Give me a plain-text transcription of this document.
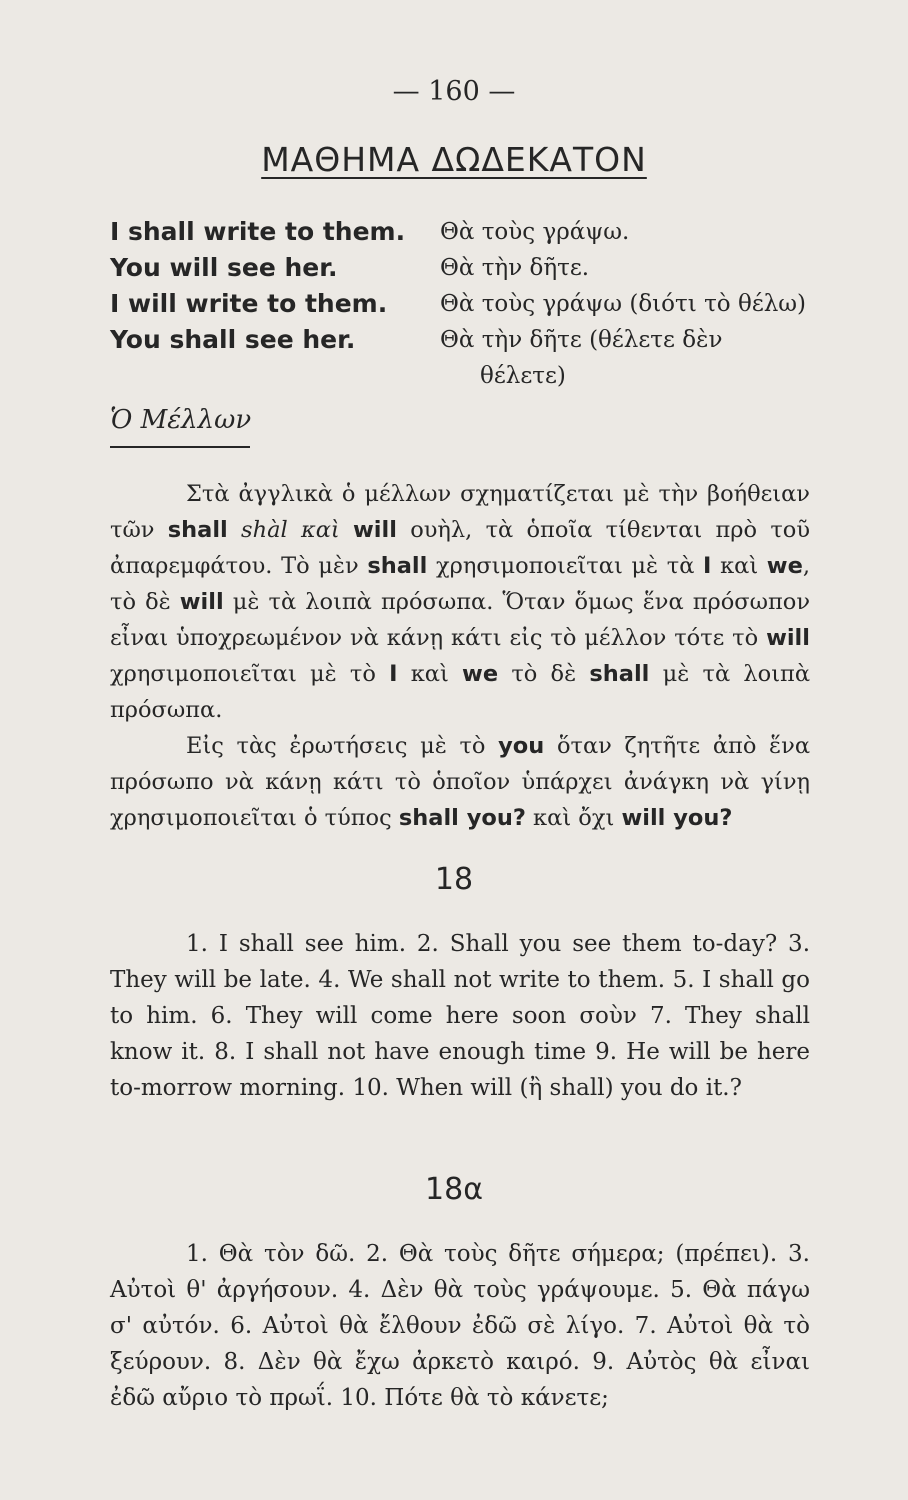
— 160 —
ΜΑΘΗΜΑ ΔΩΔΕΚΑΤΟΝ
I shall write to them.	Θὰ τοὺς γράψω.
You will see her.	Θὰ τὴν δῆτε.
I will write to them.	Θὰ τοὺς γράψω (διότι τὸ θέλω)
You shall see her.	Θὰ τὴν δῆτε (θέλετε δὲν
θέλετε)
Ὁ Μέλλων

Στὰ ἀγγλικὰ ὁ μέλλων σχηματίζεται μὲ τὴν βοήθειαν τῶν shall shàl καὶ will ουὴλ, τὰ ὁποῖα τίθενται πρὸ τοῦ ἀπαρεμφάτου. Τὸ μὲν shall χρησιμοποιεῖται μὲ τὰ I καὶ we, τὸ δὲ will μὲ τὰ λοιπὰ πρόσωπα. Ὅταν ὅμως ἕνα πρόσωπον εἶναι ὑποχρεωμένον νὰ κάνῃ κάτι εἰς τὸ μέλλον τότε τὸ will χρησιμοποιεῖται μὲ τὸ I καὶ we τὸ δὲ shall μὲ τὰ λοιπὰ πρόσωπα.

Εἰς τὰς ἐρωτήσεις μὲ τὸ you ὅταν ζητῆτε ἀπὸ ἕνα πρόσωπο νὰ κάνῃ κάτι τὸ ὁποῖον ὑπάρχει ἀνάγκη νὰ γίνῃ χρησιμοποιεῖται ὁ τύπος shall you? καὶ ὄχι will you?

18

1. I shall see him. 2. Shall you see them to-day? 3. They will be late. 4. We shall not write to them. 5. I shall go to him. 6. They will come here soon σοὺν 7. They shall know it. 8. I shall not have enough time 9. He will be here to-morrow morning. 10. When will (ἢ shall) you do it.?

18α

1. Θὰ τὸν δῶ. 2. Θὰ τοὺς δῆτε σήμερα; (πρέπει). 3. Αὐτοὶ θ' ἀργήσουν. 4. Δὲν θὰ τοὺς γράψουμε. 5. Θὰ πάγω σ' αὐτόν. 6. Αὐτοὶ θὰ ἔλθουν ἐδῶ σὲ λίγο. 7. Αὐτοὶ θὰ τὸ ξεύρουν. 8. Δὲν θὰ ἔχω ἀρκετὸ καιρό. 9. Αὐτὸς θὰ εἶναι ἐδῶ αὔριο τὸ πρωΐ. 10. Πότε θὰ τὸ κάνετε;
